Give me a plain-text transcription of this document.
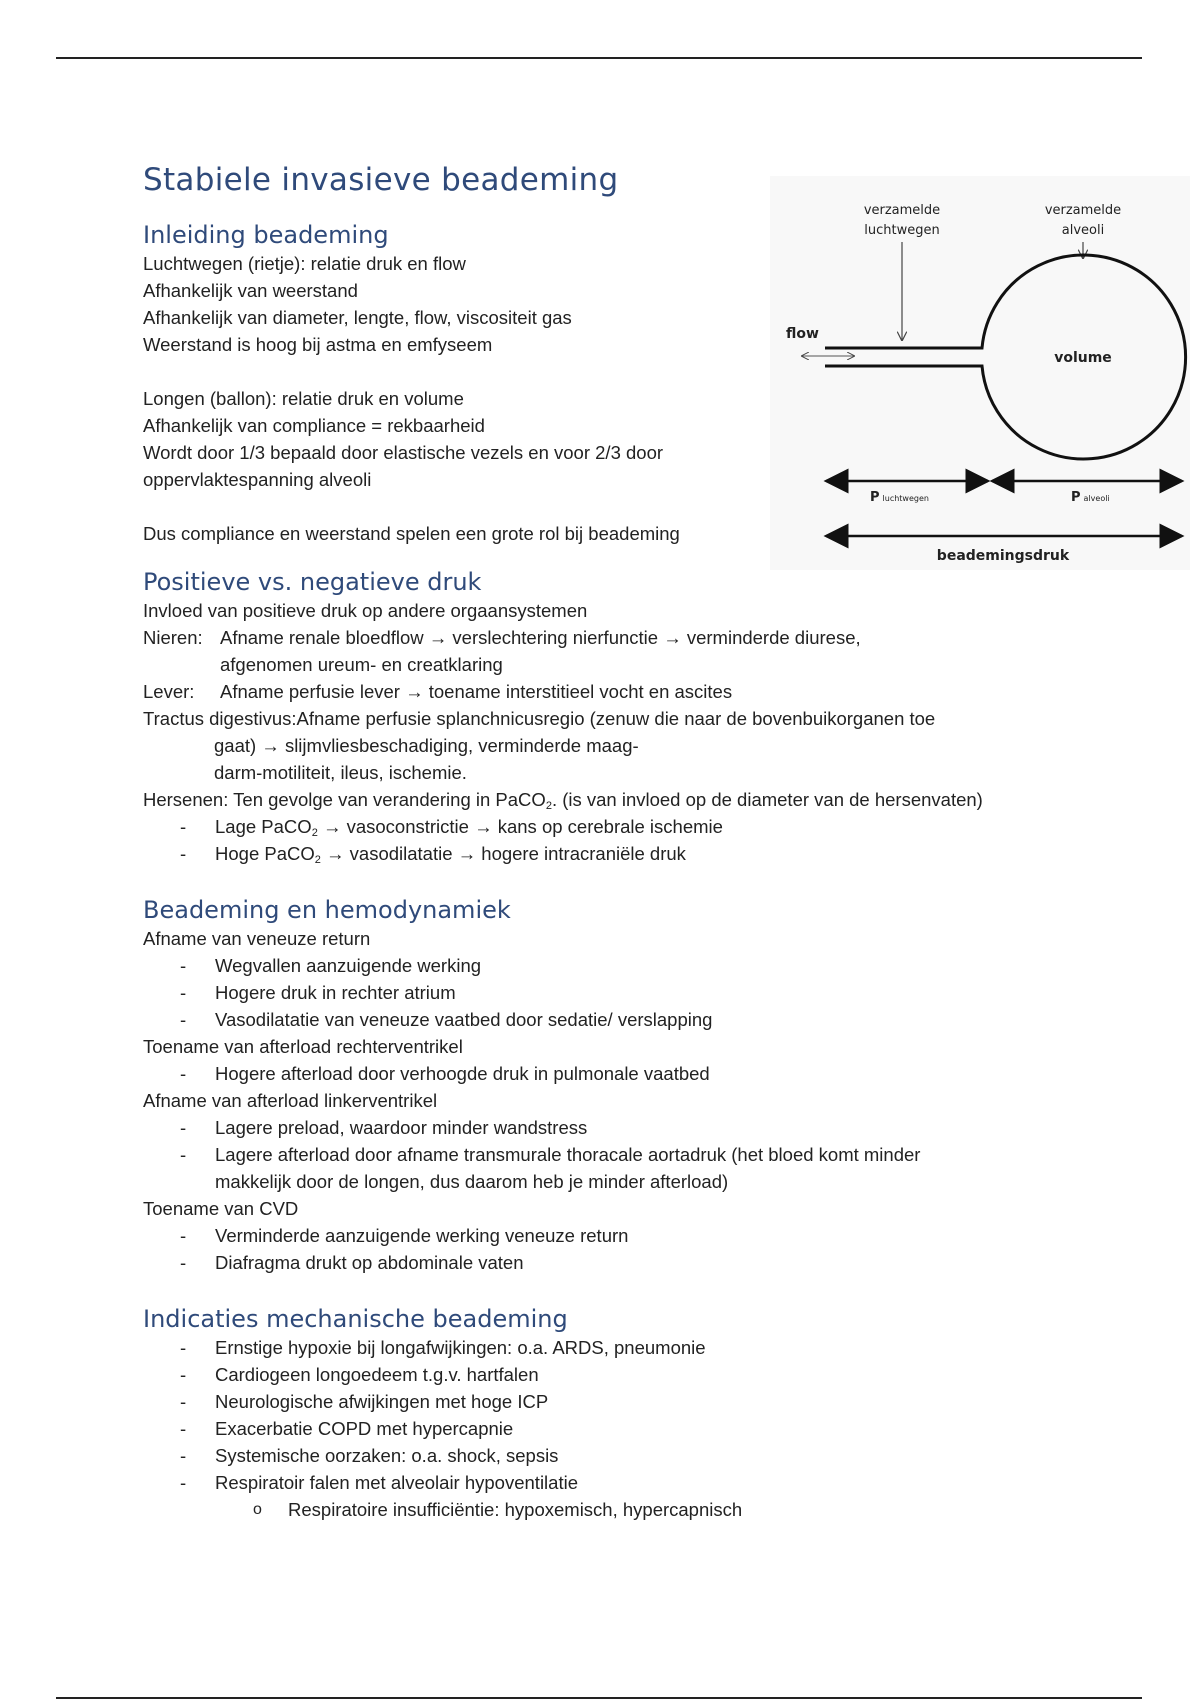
Stabiele invasieve beademing
Inleiding beademing

Luchtwegen (rietje): relatie druk en flow

Afhankelijk van weerstand

Afhankelijk van diameter, lengte, flow, viscositeit gas

Weerstand is hoog bij astma en emfyseem

Longen (ballon): relatie druk en volume

Afhankelijk van compliance = rekbaarheid

Wordt door 1/3 bepaald door elastische vezels en voor 2/3 door

oppervlaktespanning alveoli

Dus compliance en weerstand spelen een grote rol bij beademing

Positieve vs. negatieve druk

Invloed van positieve druk op andere orgaansystemen

Nieren: Afname renale bloedflow → verslechtering nierfunctie → verminderde diurese,
afgenomen ureum- en creatklaring
Lever:	Afname perfusie lever → toename interstitieel vocht en ascites
Tractus digestivus: Afname perfusie splanchnicusregio (zenuw die naar de bovenbuikorganen toe
gaat) → slijmvliesbeschadiging, verminderde maag-
darm-motiliteit, ileus, ischemie.

Hersenen: Ten gevolge van verandering in PaCO$_2$. (is van invloed op de diameter van de hersenvaten)

- Lage PaCO$_2$ → vasoconstrictie → kans op cerebrale ischemie
- Hoge PaCO$_2$ → vasodilatatie → hogere intracraniële druk
Beademing en hemodynamiek

Afname van veneuze return

- Wegvallen aanzuigende werking
- Hogere druk in rechter atrium
- Vasodilatatie van veneuze vaatbed door sedatie/ verslapping

Toename van afterload rechterventrikel

- Hogere afterload door verhoogde druk in pulmonale vaatbed

Afname van afterload linkerventrikel

- Lagere preload, waardoor minder wandstress
- Lagere afterload door afname transmurale thoracale aortadruk (het bloed komt minder
makkelijk door de longen, dus daarom heb je minder afterload)

Toename van CVD

- Verminderde aanzuigende werking veneuze return
- Diafragma drukt op abdominale vaten
Indicaties mechanische beademing
- Ernstige hypoxie bij longafwijkingen: o.a. ARDS, pneumonie
- Cardiogeen longoedeem t.g.v. hartfalen
- Neurologische afwijkingen met hoge ICP
- Exacerbatie COPD met hypercapnie
- Systemische oorzaken: o.a. shock, sepsis
- Respiratoir falen met alveolair hypoventilatie
o Respiratoire insufficiëntie: hypoxemisch, hypercapnisch
verzamelde
luchtwegen
verzamelde
alveoli
flow
volume
Pluchtwegen	Palveoli
beademingsdruk
